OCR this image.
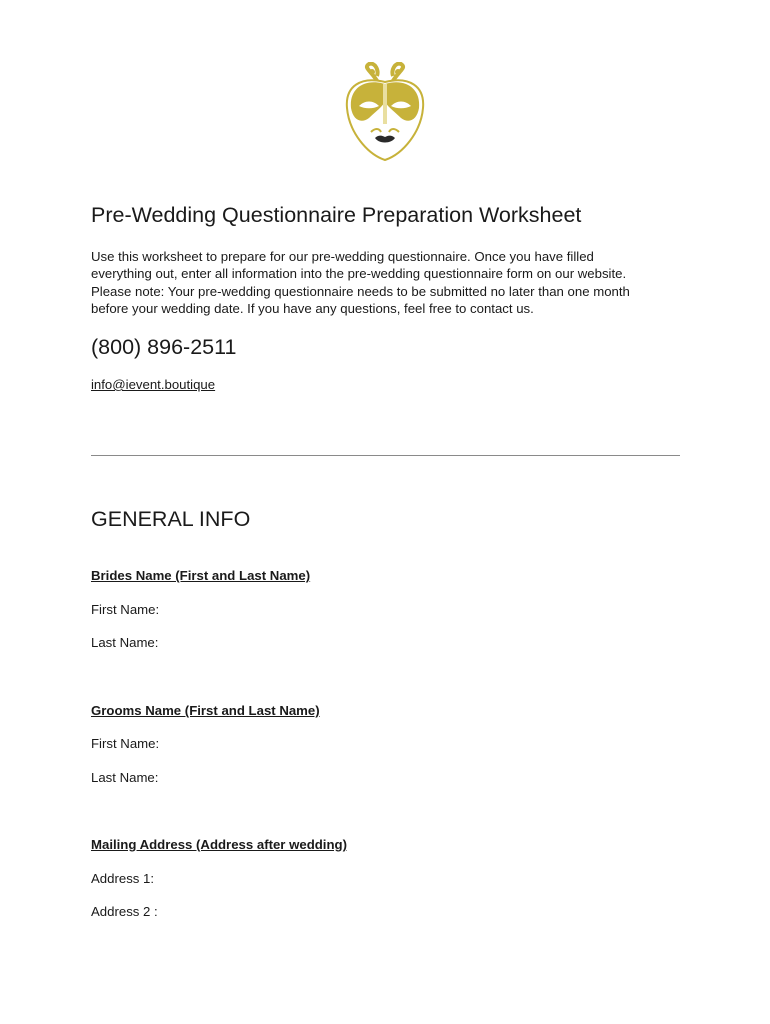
Pre-Wedding Questionnaire Preparation Worksheet

Use this worksheet to prepare for our pre-wedding questionnaire. Once you have filled
everything out, enter all information into the pre-wedding questionnaire form on our website.
Please note: Your pre-wedding questionnaire needs to be submitted no later than one month
before your wedding date. If you have any questions, feel free to contact us.

(800) 896-2511
info@ievent.boutique
GENERAL INFO

Brides Name (First and Last Name)

First Name:
Last Name:

Grooms Name (First and Last Name)

First Name:
Last Name:

Mailing Address (Address after wedding)

Address 1:
Address 2 :
